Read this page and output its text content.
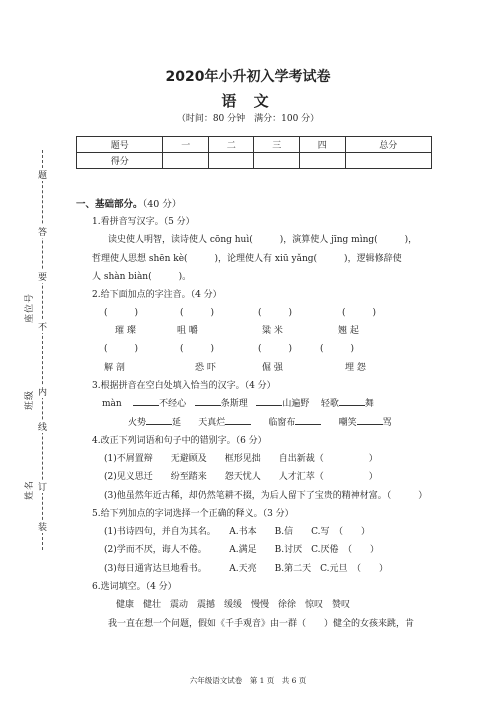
座位号
班级
姓名
题
答
要
不
内
线
订
装
2020年小升初入学考试卷
语 文
（时间：80 分钟　满分：100 分）
题号	一	二	三	四	总分
得分					
一、基础部分。（40 分）
1.看拼音写汉字。（5 分）
读史使人明智，读诗使人 cōng huì(　　　)，演算使人 jīng mìng(　　　)，
哲理使人思想 shēn kè(　　　)，论理使人有 xiū yǎng(　　　)，逻辑修辞使
人 shàn biàn(　　　)。
2.给下面加点的字注音。（4 分）
(　　　)	(　　　)	(　　　)	(　　　)
璀 璨	咀 嚼	粱 米	翘 起
(　　　)	(　　　)	(　　　)	(　　　)
解 剖	恐 吓	倔 强	埋 怨
3.根据拼音在空白处填入恰当的汉字。（4 分）
màn	不经心	条斯理	山遍野 轻歌	舞
火势	延 天真烂	临窗布	嘲笑	骂
4.改正下列词语和句子中的错别字。（6 分）
(1)不屑置辩　　无避顾及　　框形见拙　　自出新裁（　　　　　）
(2)见义思迁　　纷至踏来　　怨天忧人　　人才汇萃（　　　　　）
(3)他虽然年近古稀，却仍然笔耕不掇，为后人留下了宝贵的精神材富。（　　　）
5.给下列加点的字词选择一个正确的释义。（3 分）
(1)书诗四句，并自为其名。　　A.书本　　B.信　　C.写　（　　）
(2)学而不厌，诲人不倦。　　　A.满足　　B.讨厌　C.厌倦　（　　）
(3)每日通宵达旦地看书。　　　A.天亮　　B.第二天　C.元旦　（　　）
6.选词填空。（4 分）
健康　健壮　震动　震撼　缓缓　慢慢　徐徐　惊叹　赞叹
我一直在想一个问题，假如《千手观音》由一群（　　）健全的女孩来跳，肯
六年级语文试卷　第 1 页　共 6 页
